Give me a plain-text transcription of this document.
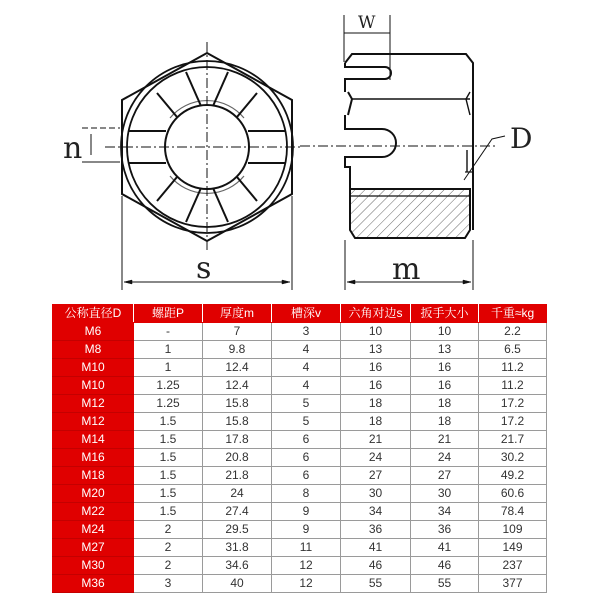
n
s
W
D
m
公称直径D	螺距P	厚度m	槽深v	六角对边s	扳手大小	千重≈kg
M6	-	7	3	10	10	2.2
M8	1	9.8	4	13	13	6.5
M10	1	12.4	4	16	16	11.2
M10	1.25	12.4	4	16	16	11.2
M12	1.25	15.8	5	18	18	17.2
M12	1.5	15.8	5	18	18	17.2
M14	1.5	17.8	6	21	21	21.7
M16	1.5	20.8	6	24	24	30.2
M18	1.5	21.8	6	27	27	49.2
M20	1.5	24	8	30	30	60.6
M22	1.5	27.4	9	34	34	78.4
M24	2	29.5	9	36	36	109
M27	2	31.8	11	41	41	149
M30	2	34.6	12	46	46	237
M36	3	40	12	55	55	377
